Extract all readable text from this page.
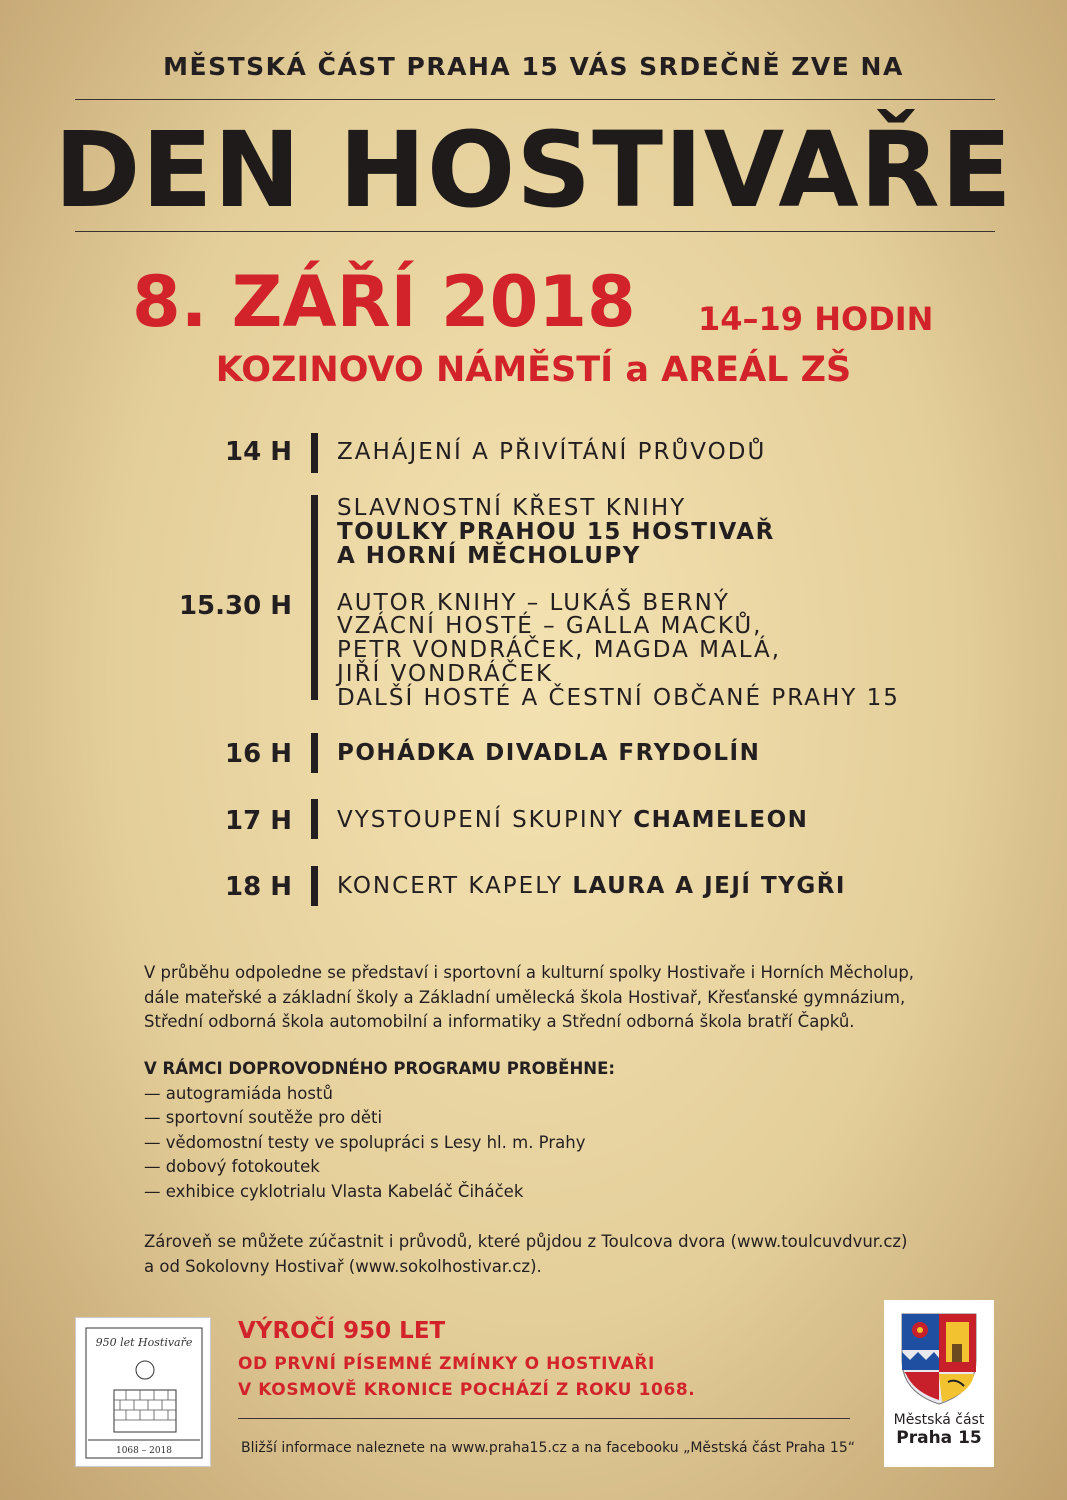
MĚSTSKÁ ČÁST PRAHA 15 VÁS SRDEČNĚ ZVE NA
DEN HOSTIVAŘE
8. ZÁŘÍ 2018 14–19 HODIN
KOZINOVO NÁMĚSTÍ a AREÁL ZŠ
14 H ZAHÁJENÍ A PŘIVÍTÁNÍ PRŮVODŮ
15.30 H
SLAVNOSTNÍ KŘEST KNIHY
TOULKY PRAHOU 15 HOSTIVAŘ
A HORNÍ MĚCHOLUPY
AUTOR KNIHY – LUKÁŠ BERNÝ
VZÁCNÍ HOSTÉ – GALLA MACKŮ,
PETR VONDRÁČEK, MAGDA MALÁ,
JIŘÍ VONDRÁČEK
DALŠÍ HOSTÉ A ČESTNÍ OBČANÉ PRAHY 15
16 H POHÁDKA DIVADLA FRYDOLÍN
17 H VYSTOUPENÍ SKUPINY CHAMELEON
18 H KONCERT KAPELY LAURA A JEJÍ TYGŘI
V průběhu odpoledne se představí i sportovní a kulturní spolky Hostivaře i Horních Měcholup,
dále mateřské a základní školy a Základní umělecká škola Hostivař, Křesťanské gymnázium,
Střední odborná škola automobilní a informatiky a Střední odborná škola bratří Čapků.
V RÁMCI DOPROVODNÉHO PROGRAMU PROBĚHNE:
— autogramiáda hostů
— sportovní soutěže pro děti
— vědomostní testy ve spolupráci s Lesy hl. m. Prahy
— dobový fotokoutek
— exhibice cyklotrialu Vlasta Kabeláč Čiháček
Zároveň se můžete zúčastnit i průvodů, které půjdou z Toulcova dvora (www.toulcuvdvur.cz)
a od Sokolovny Hostivař (www.sokolhostivar.cz).
950 let Hostivaře
1068 – 2018
VÝROČÍ 950 LET
OD PRVNÍ PÍSEMNÉ ZMÍNKY O HOSTIVAŘI
V KOSMOVĚ KRONICE POCHÁZÍ Z ROKU 1068.
Bližší informace naleznete na www.praha15.cz a na facebooku „Městská část Praha 15“
Městská část
Praha 15
